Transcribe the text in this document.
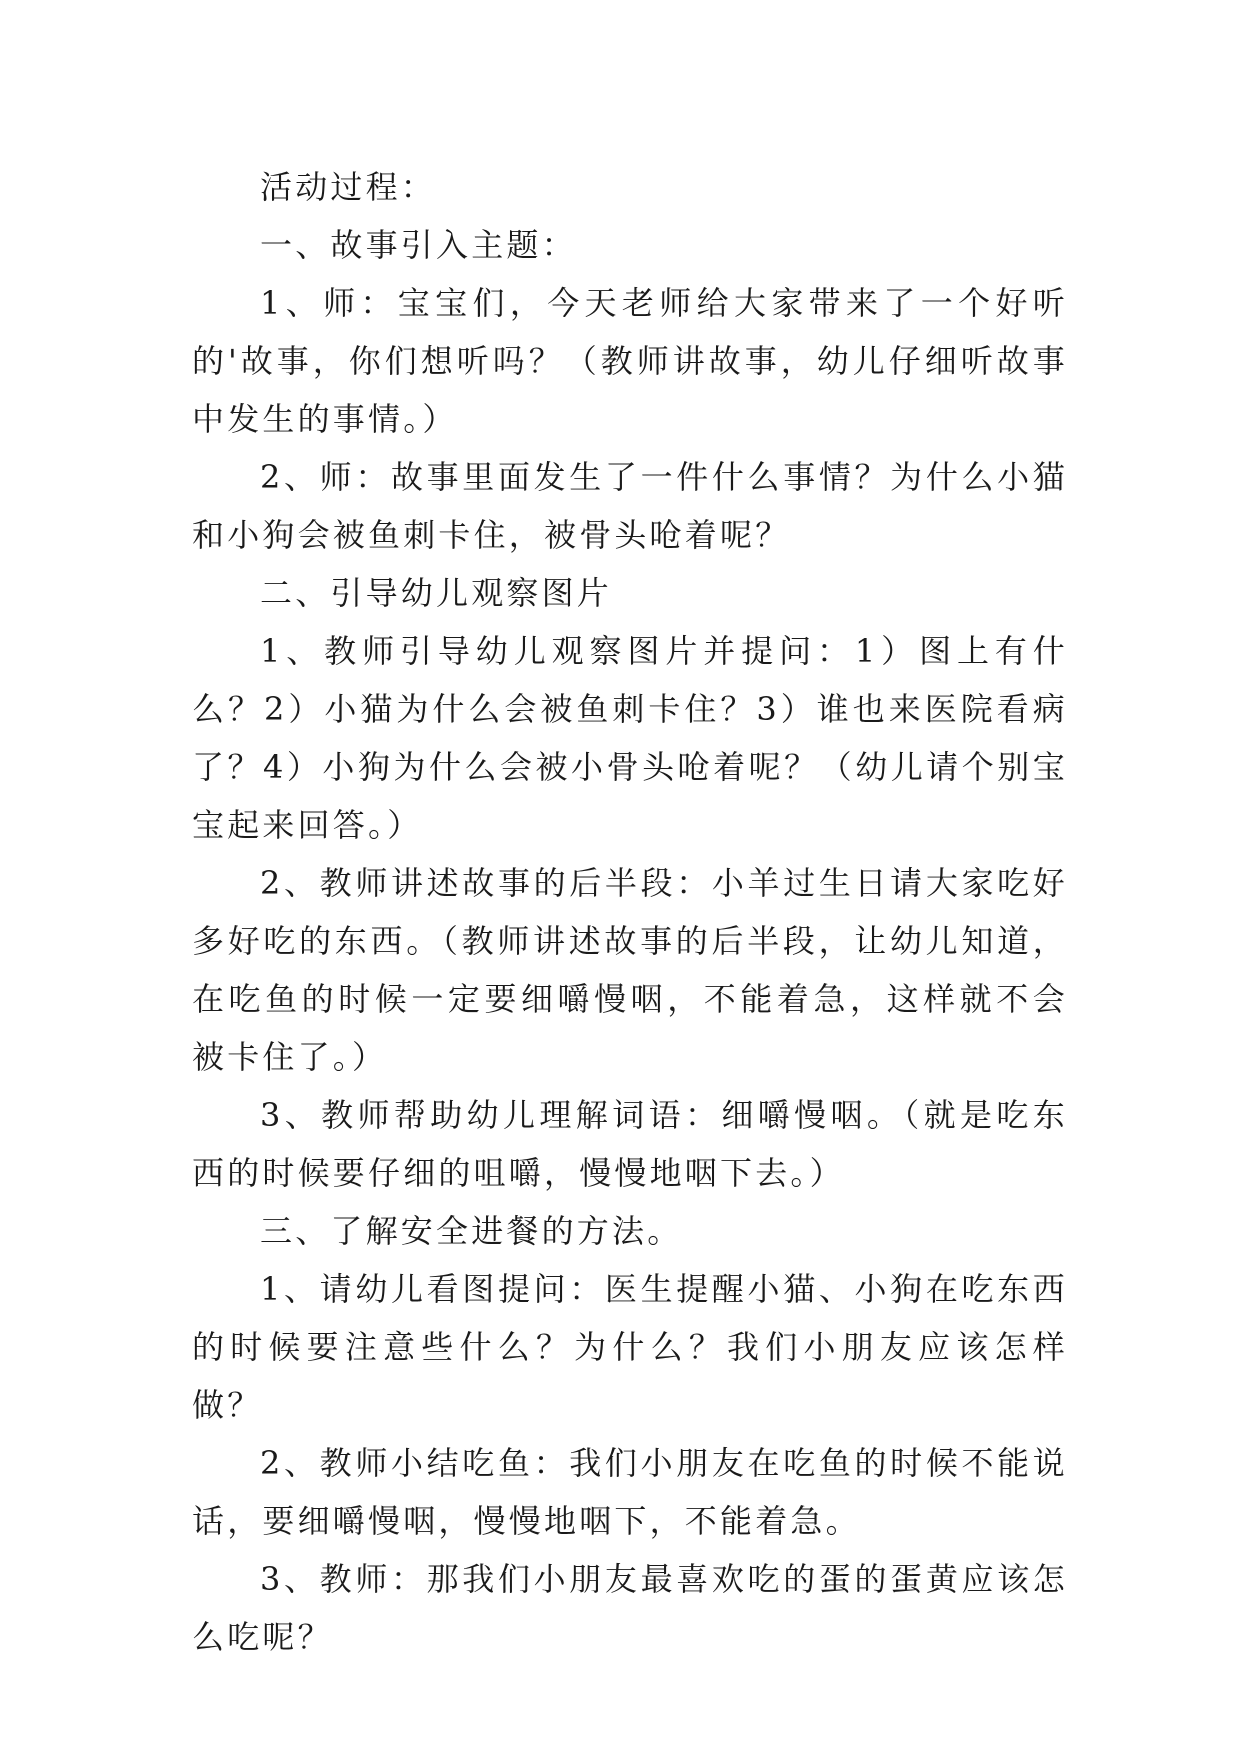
活动过程：

一、故事引入主题：

1、师：宝宝们，今天老师给大家带来了一个好听的'故事，你们想听吗？（教师讲故事，幼儿仔细听故事中发生的事情。）

2、师：故事里面发生了一件什么事情？为什么小猫和小狗会被鱼刺卡住，被骨头呛着呢？

二、引导幼儿观察图片

1、教师引导幼儿观察图片并提问：1）图上有什么？2）小猫为什么会被鱼刺卡住？3）谁也来医院看病了？4）小狗为什么会被小骨头呛着呢？（幼儿请个别宝宝起来回答。）

2、教师讲述故事的后半段：小羊过生日请大家吃好多好吃的东西。（教师讲述故事的后半段，让幼儿知道，在吃鱼的时候一定要细嚼慢咽，不能着急，这样就不会被卡住了。）

3、教师帮助幼儿理解词语：细嚼慢咽。（就是吃东西的时候要仔细的咀嚼，慢慢地咽下去。）

三、了解安全进餐的方法。

1、请幼儿看图提问：医生提醒小猫、小狗在吃东西的时候要注意些什么？为什么？我们小朋友应该怎样做？

2、教师小结吃鱼：我们小朋友在吃鱼的时候不能说话，要细嚼慢咽，慢慢地咽下，不能着急。

3、教师：那我们小朋友最喜欢吃的蛋的蛋黄应该怎么吃呢？
